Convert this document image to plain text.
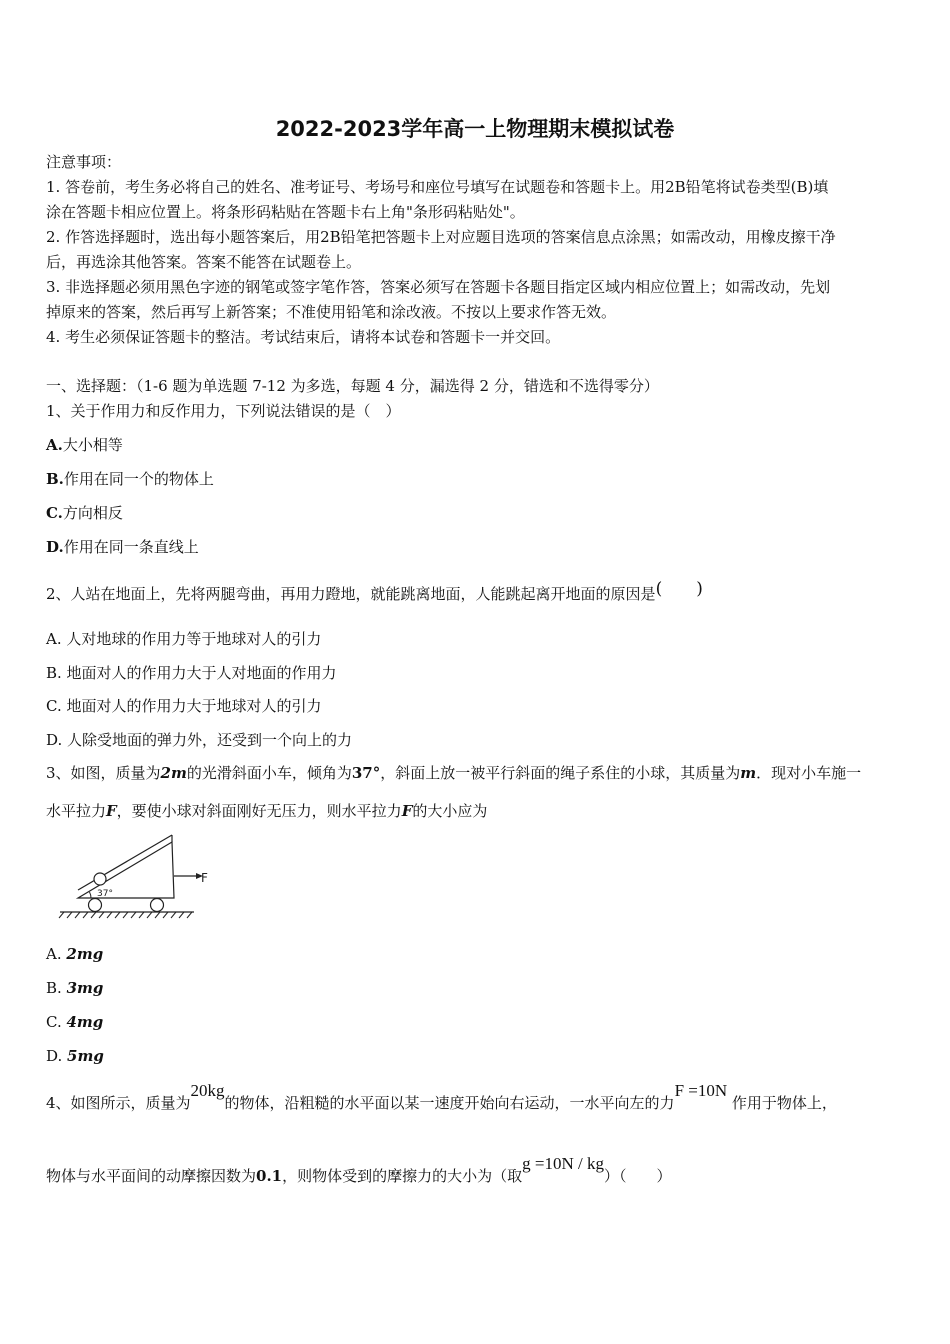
2022-2023学年高一上物理期末模拟试卷
注意事项：
1. 答卷前，考生务必将自己的姓名、准考证号、考场号和座位号填写在试题卷和答题卡上。用2B铅笔将试卷类型(B)填
涂在答题卡相应位置上。将条形码粘贴在答题卡右上角"条形码粘贴处"。
2. 作答选择题时，选出每小题答案后，用2B铅笔把答题卡上对应题目选项的答案信息点涂黑；如需改动，用橡皮擦干净
后，再选涂其他答案。答案不能答在试题卷上。
3. 非选择题必须用黑色字迹的钢笔或签字笔作答，答案必须写在答题卡各题目指定区域内相应位置上；如需改动，先划
掉原来的答案，然后再写上新答案；不准使用铅笔和涂改液。不按以上要求作答无效。
4. 考生必须保证答题卡的整洁。考试结束后，请将本试卷和答题卡一并交回。
一、选择题：（1-6 题为单选题 7-12 为多选，每题 4 分，漏选得 2 分，错选和不选得零分）
1、关于作用力和反作用力，下列说法错误的是（　）
A.大小相等
B.作用在同一个的物体上
C.方向相反
D.作用在同一条直线上
2、人站在地面上，先将两腿弯曲，再用力蹬地，就能跳离地面，人能跳起离开地面的原因是(　　)
A. 人对地球的作用力等于地球对人的引力
B. 地面对人的作用力大于人对地面的作用力
C. 地面对人的作用力大于地球对人的引力
D. 人除受地面的弹力外，还受到一个向上的力
3、如图，质量为2m的光滑斜面小车，倾角为37°，斜面上放一被平行斜面的绳子系住的小球，其质量为m．现对小车施一
水平拉力F，要使小球对斜面刚好无压力，则水平拉力F的大小应为
37°
F
A. 2mg
B. 3mg
C. 4mg
D. 5mg
4、如图所示，质量为20kg的物体，沿粗糙的水平面以某一速度开始向右运动，一水平向左的力F =10N 作用于物体上，
物体与水平面间的动摩擦因数为0.1，则物体受到的摩擦力的大小为（取g =10N / kg）（　　）
